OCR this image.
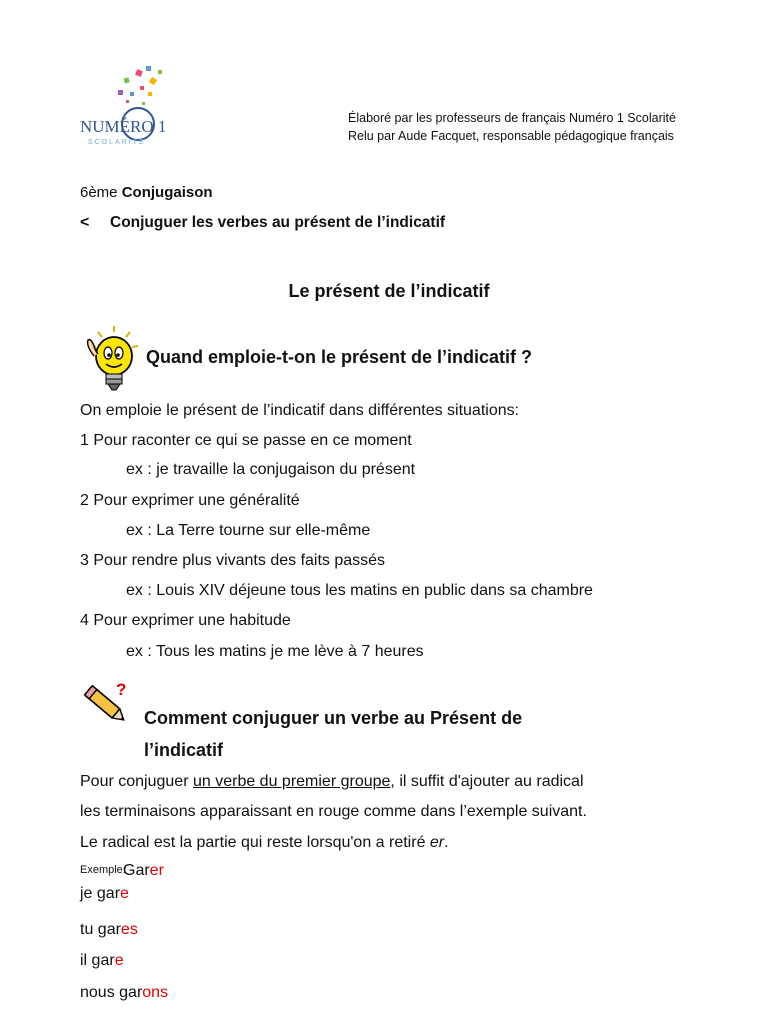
NUMÉRO 1
SCOLARITÉ
Élaboré par les professeurs de français Numéro 1 Scolarité
Relu par Aude Facquet, responsable pédagogique français
6ème Conjugaison
<	Conjuguer les verbes au présent de l’indicatif
Le présent de l’indicatif
Quand emploie-t-on le présent de l’indicatif ?
On emploie le présent de l’indicatif dans différentes situations:
1 Pour raconter ce qui se passe en ce moment
ex : je travaille la conjugaison du présent
2 Pour exprimer une généralité
ex : La Terre tourne sur elle-même
3 Pour rendre plus vivants des faits passés
ex : Louis XIV déjeune tous les matins en public dans sa chambre
4 Pour exprimer une habitude
ex : Tous les matins je me lève à 7 heures
?
Comment conjuguer un verbe au Présent de
l’indicatif
Pour conjuguer un verbe du premier groupe, il suffit d'ajouter au radical
les terminaisons apparaissant en rouge comme dans l’exemple suivant.
Le radical est la partie qui reste lorsqu'on a retiré er.
Exemple:
Garer
je gare
tu gares
il gare
nous garons
